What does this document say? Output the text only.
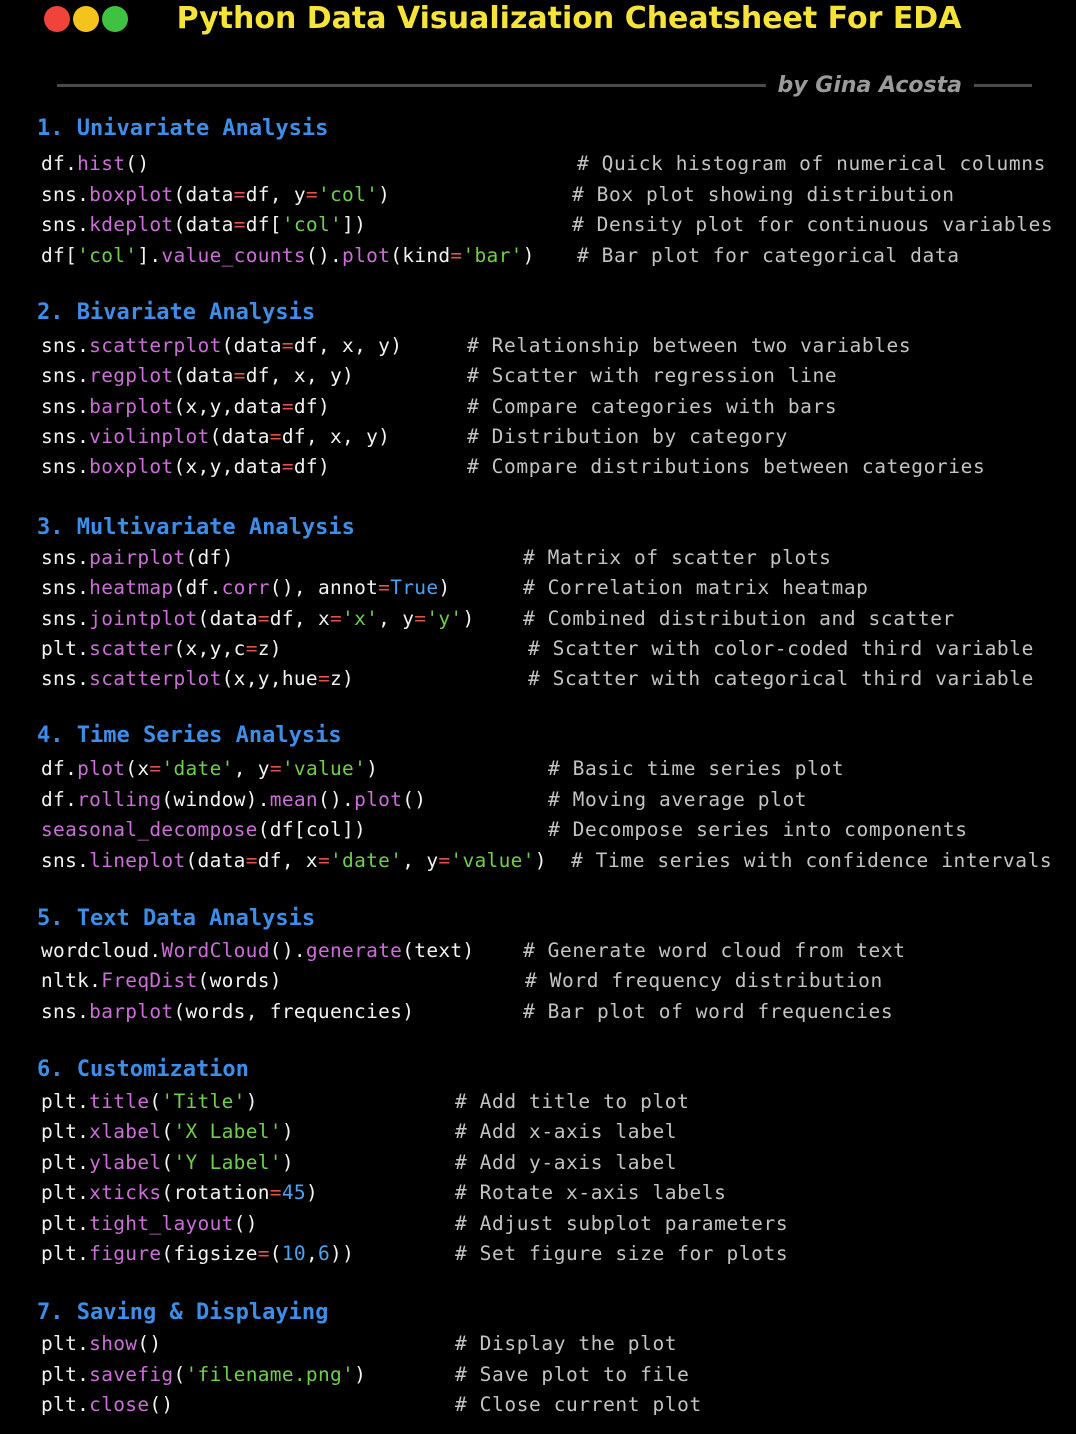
Python Data Visualization Cheatsheet For EDA
by Gina Acosta
1. Univariate Analysis
df.hist()	# Quick histogram of numerical columns
sns.boxplot(data=df, y='col')	# Box plot showing distribution
sns.kdeplot(data=df['col'])	# Density plot for continuous variables
df['col'].value_counts().plot(kind='bar') # Bar plot for categorical data
2. Bivariate Analysis
sns.scatterplot(data=df, x, y)	# Relationship between two variables
sns.regplot(data=df, x, y)	# Scatter with regression line
sns.barplot(x,y,data=df)	# Compare categories with bars
sns.violinplot(data=df, x, y)	# Distribution by category
sns.boxplot(x,y,data=df)	# Compare distributions between categories
3. Multivariate Analysis
sns.pairplot(df)	# Matrix of scatter plots
sns.heatmap(df.corr(), annot=True)	# Correlation matrix heatmap
sns.jointplot(data=df, x='x', y='y') # Combined distribution and scatter
plt.scatter(x,y,c=z)	# Scatter with color-coded third variable
sns.scatterplot(x,y,hue=z)	# Scatter with categorical third variable
4. Time Series Analysis
df.plot(x='date', y='value')	# Basic time series plot
df.rolling(window).mean().plot()	# Moving average plot
seasonal_decompose(df[col])	# Decompose series into components
sns.lineplot(data=df, x='date', y='value') # Time series with confidence intervals
5. Text Data Analysis
wordcloud.WordCloud().generate(text) # Generate word cloud from text
nltk.FreqDist(words)	# Word frequency distribution
sns.barplot(words, frequencies)	# Bar plot of word frequencies
6. Customization
plt.title('Title')	# Add title to plot
plt.xlabel('X Label')	# Add x-axis label
plt.ylabel('Y Label')	# Add y-axis label
plt.xticks(rotation=45)	# Rotate x-axis labels
plt.tight_layout()	# Adjust subplot parameters
plt.figure(figsize=(10,6))	# Set figure size for plots
7. Saving & Displaying
plt.show()	# Display the plot
plt.savefig('filename.png')	# Save plot to file
plt.close()	# Close current plot
